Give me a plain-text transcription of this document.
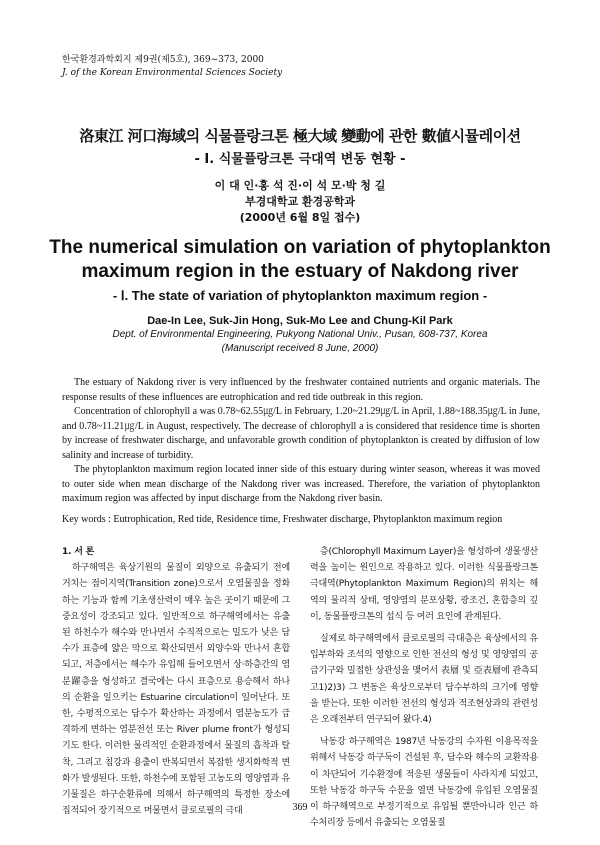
한국환경과학회지 제9권(제5호), 369~373, 2000
J. of the Korean Environmental Sciences Society
洛東江 河口海域의 식물플랑크톤 極大域 變動에 관한 數値시뮬레이션
- Ⅰ. 식물플랑크톤 극대역 변동 현황 -
이 대 인·홍 석 진·이 석 모·박 청 길
부경대학교 환경공학과
(2000년 6월 8일 접수)
The numerical simulation on variation of phytoplankton
maximum region in the estuary of Nakdong river
- Ⅰ. The state of variation of phytoplankton maximum region -
Dae-In Lee, Suk-Jin Hong, Suk-Mo Lee and Chung-Kil Park
Dept. of Environmental Engineering, Pukyong National Univ., Pusan, 608-737, Korea
(Manuscript received 8 June, 2000)

The estuary of Nakdong river is very influenced by the freshwater contained nutrients and organic materials. The response results of these influences are eutrophication and red tide outbreak in this region.

Concentration of chlorophyll a was 0.78~62.55㎍/L in February, 1.20~21.29㎍/L in April, 1.88~188.35㎍/L in June, and 0.78~11.21㎍/L in August, respectively. The decrease of chlorophyll a is considered that residence time is shorten by increase of freshwater discharge, and unfavorable growth condition of phytoplankton is created by diffusion of low salinity and increase of turbidity.

The phytoplankton maximum region located inner side of this estuary during winter season, whereas it was moved to outer side when mean discharge of the Nakdong river was increased. Therefore, the variation of phytoplankton maximum region was affected by input discharge from the Nakdong river basin.

Key words : Eutrophication, Red tide, Residence time, Freshwater discharge, Phytoplankton maximum region

1. 서 론

하구해역은 육상기원의 물질이 외양으로 유출되기 전에 거치는 점이지역(Transition zone)으로서 오염물질을 정화하는 기능과 함께 기초생산력이 매우 높은 곳이기 때문에 그 중요성이 강조되고 있다. 일반적으로 하구해역에서는 유출된 하천수가 해수와 만나면서 수직적으로는 밀도가 낮은 담수가 표층에 얇은 막으로 확산되면서 외양수와 만나서 혼합되고, 저층에서는 해수가 유입해 들어오면서 상·하층간의 염분躍층을 형성하고 결국에는 다시 표층으로 용승해서 하나의 순환을 일으키는 Estuarine circulation이 일어난다. 또한, 수평적으로는 담수가 확산하는 과정에서 염분농도가 급격하게 변하는 염분전선 또는 River plume front가 형성되기도 한다. 이러한 물리적인 순환과정에서 물질의 흡착과 탈착, 그리고 침강과 용출이 반복되면서 복잡한 생지화학적 변화가 발생된다. 또한, 하천수에 포함된 고농도의 영양염과 유기물질은 하구순환류에 의해서 하구해역의 특정한 장소에 집적되어 장기적으로 머물면서 클로로필의 극대

층(Chlorophyll Maximum Layer)을 형성하여 생물생산력을 높이는 원인으로 작용하고 있다. 이러한 식물플랑크톤 극대역(Phytoplankton Maximum Region)의 위치는 해역의 물리적 상태, 영양염의 분포상황, 광조건, 혼합층의 깊이, 동물플랑크톤의 섭식 등 여러 요인에 관계된다.

실제로 하구해역에서 클로로필의 극대층은 육상에서의 유입부하와 조석의 영향으로 인한 전선의 형성 및 영양염의 공급기구와 밀접한 상관성을 맺어서 表層 및 亞表層에 관측되고1)2)3) 그 변동은 육상으로부터 담수부하의 크기에 영향을 받는다. 또한 이러한 전선의 형성과 적조현상과의 관련성은 오래전부터 연구되어 왔다.4)

낙동강 하구해역은 1987년 낙동강의 수자원 이용목적을 위해서 낙동강 하구둑이 건설된 후, 담수와 해수의 교환작용이 차단되어 기수환경에 적응된 생물들이 사라지게 되었고, 또한 낙동강 하구둑 수문을 열면 낙동강에 유입된 오염물질이 하구해역으로 부정기적으로 유입될 뿐만아니라 인근 하수처리장 등에서 유출되는 오염물질

369
